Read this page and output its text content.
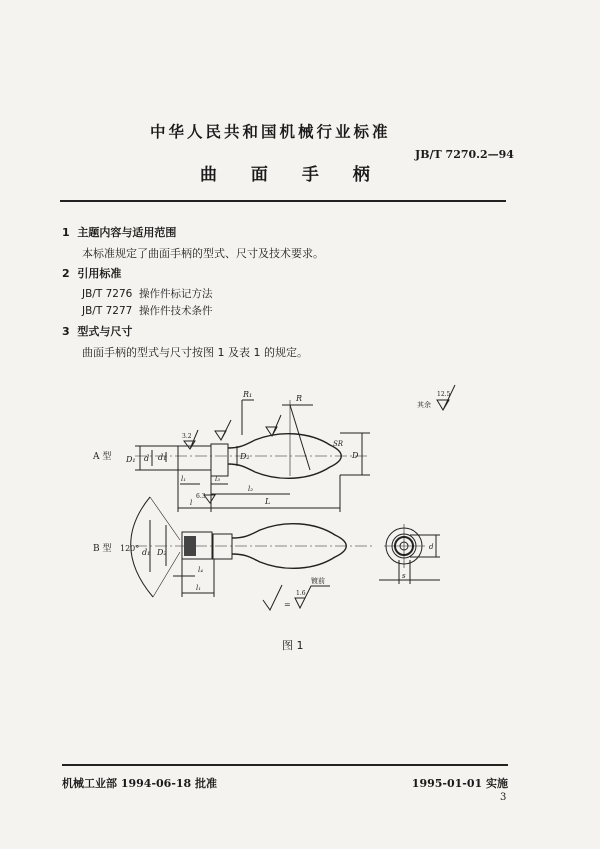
中华人民共和国机械行业标准
JB/T 7270.2—94
曲 面 手 柄
1 主题内容与适用范围
本标准规定了曲面手柄的型式、尺寸及技术要求。
2 引用标准
JB/T 7276 操作件标记方法
JB/T 7277 操作件技术条件
3 型式与尺寸
曲面手柄的型式与尺寸按图 1 及表 1 的规定。
A 型 D₁ d d₁	D₂	D
R₁	R
SR
l₁	l₃
l₂
L
l
3.2
6.3
B 型 120° d₁ D₂
l₄
l₁
d
s
其余
12.5
=
1.6
镀前
图 1
机械工业部 1994-06-18 批准	1995-01-01 实施
3
